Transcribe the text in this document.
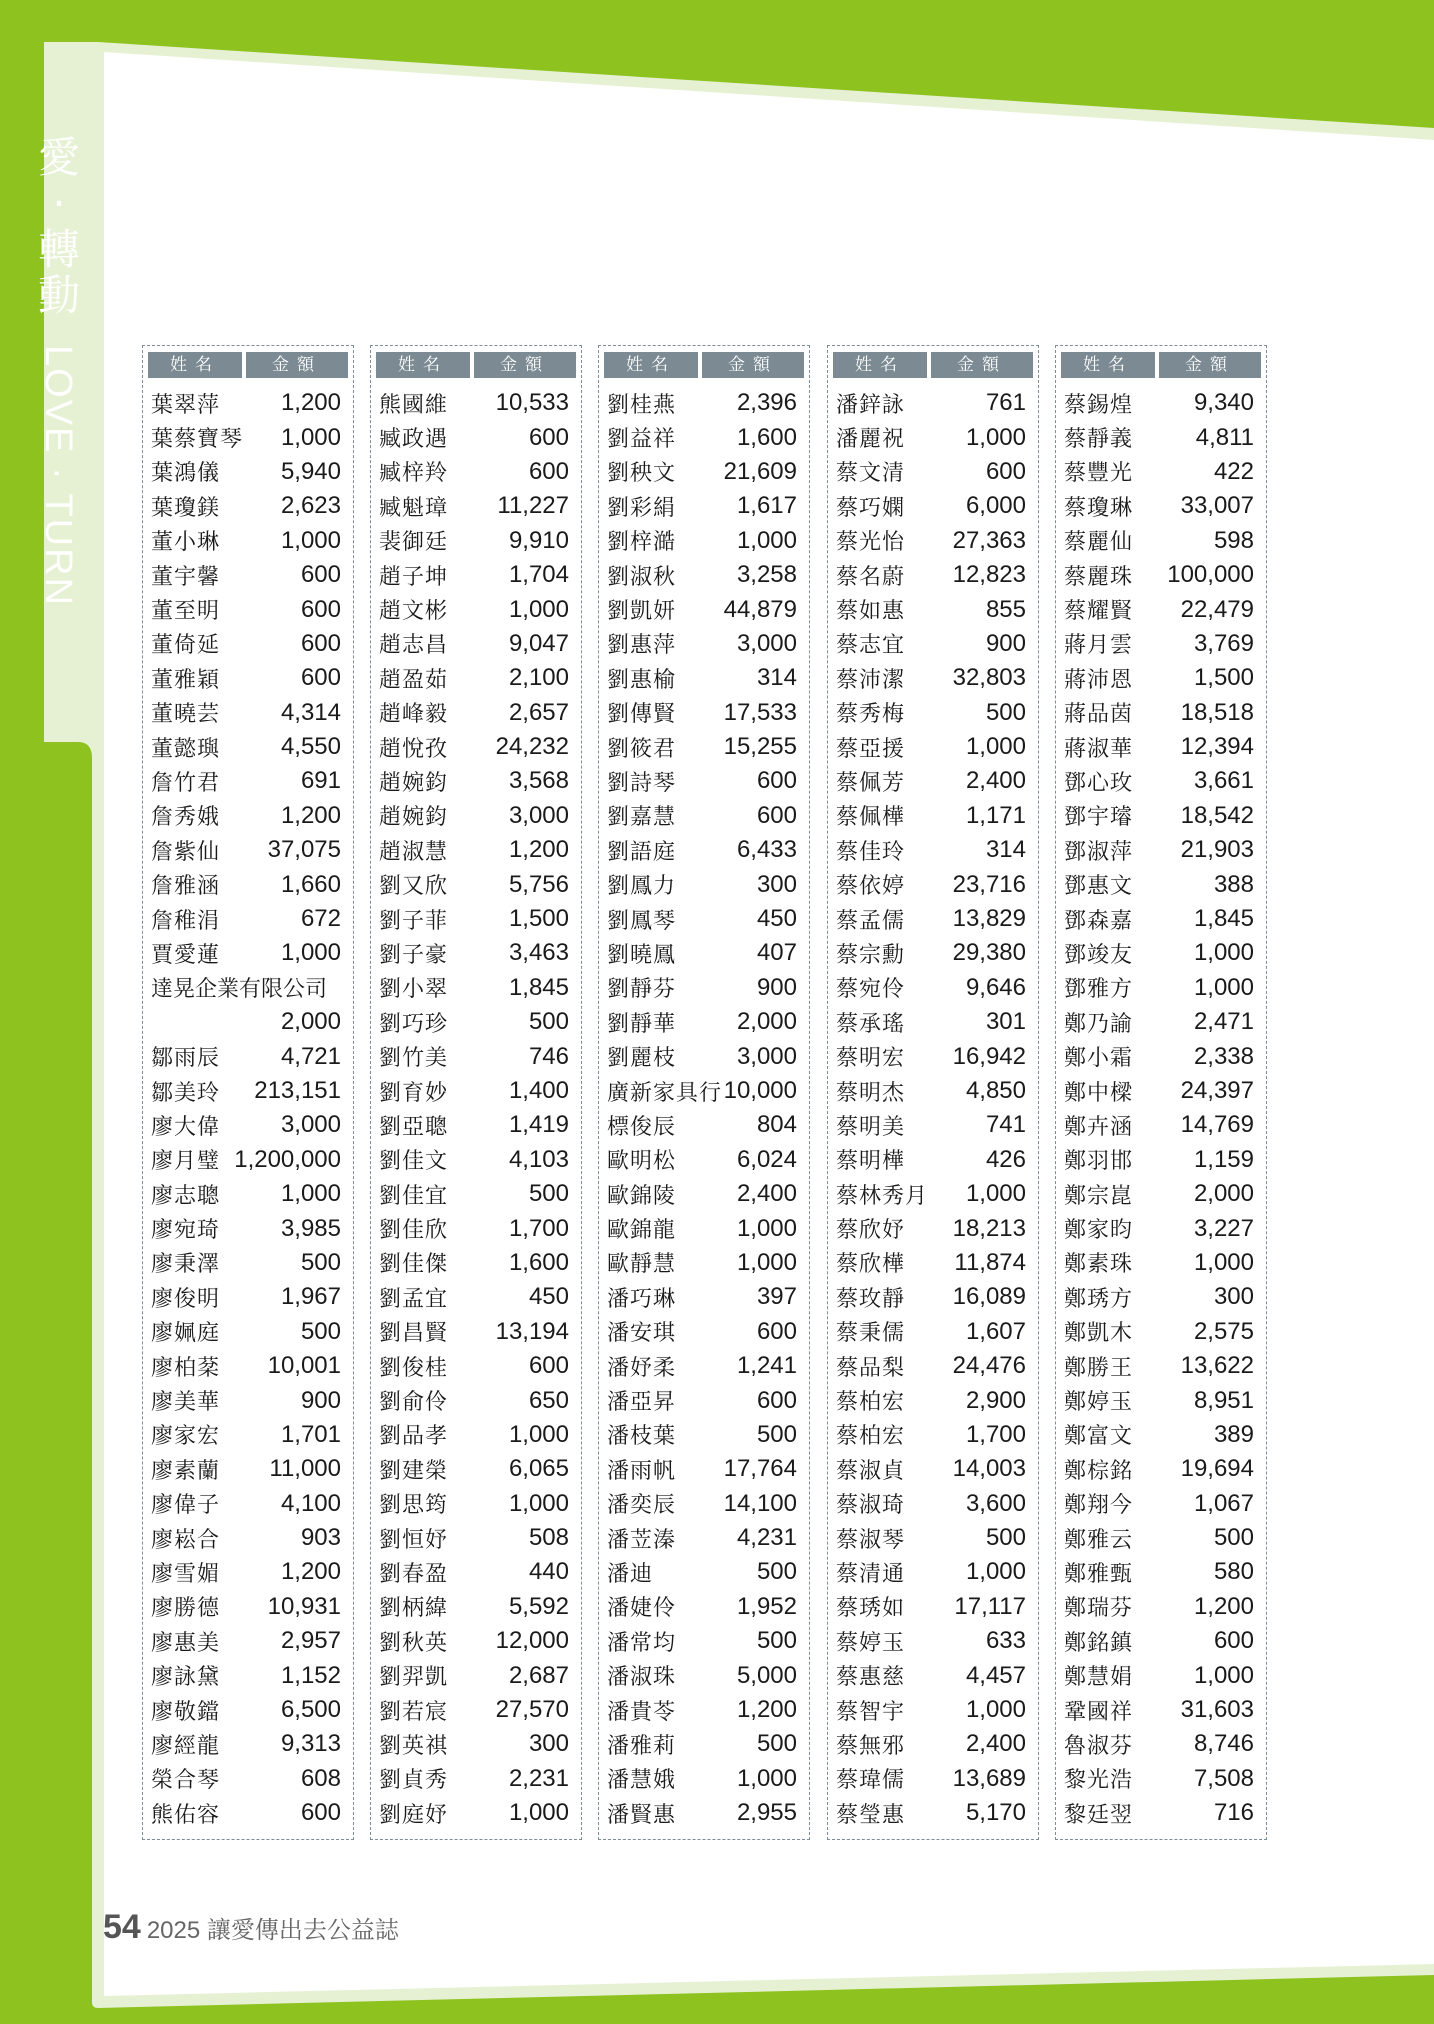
愛
·
轉
動
LOVE · TURN	姓名	金額
葉翠萍	1,200
葉蔡寶琴 1,000
葉鴻儀	5,940
葉瓊鎂	2,623
董小琳	1,000
董宇馨	600
董至明	600
董倚延	600
董雅穎	600
董曉芸	4,314
董懿璵	4,550
詹竹君	691
詹秀娥	1,200
詹紫仙 37,075
詹雅涵	1,660
詹稚涓	672
賈愛蓮	1,000
達晃企業有限公司
2,000
鄒雨辰	4,721
鄒美玲 213,151
廖大偉	3,000
廖月璧 1,200,000
廖志聰	1,000
廖宛琦	3,985
廖秉澤	500
廖俊明	1,967
廖姵庭	500
廖柏棻 10,001
廖美華	900
廖家宏	1,701
廖素蘭 11,000
廖偉子	4,100
廖崧合	903
廖雪媚	1,200
廖勝德 10,931
廖惠美	2,957
廖詠黛	1,152
廖敬鐺	6,500
廖經龍	9,313
榮合琴	608
熊佑容	600
姓名	金額
熊國維 10,533
臧政遇	600
臧梓羚	600
臧魁璋 11,227
裴御廷	9,910
趙子坤	1,704
趙文彬	1,000
趙志昌	9,047
趙盈茹	2,100
趙峰毅	2,657
趙悅孜 24,232
趙婉鈞	3,568
趙婉鈞	3,000
趙淑慧	1,200
劉又欣	5,756
劉子菲	1,500
劉子豪	3,463
劉小翠	1,845
劉巧珍	500
劉竹美	746
劉育妙	1,400
劉亞聰	1,419
劉佳文	4,103
劉佳宜	500
劉佳欣	1,700
劉佳傑	1,600
劉孟宜	450
劉昌賢 13,194
劉俊桂	600
劉俞伶	650
劉品孝	1,000
劉建榮	6,065
劉思筠	1,000
劉恒妤	508
劉春盈	440
劉柄緯	5,592
劉秋英 12,000
劉羿凱	2,687
劉若宸 27,570
劉英祺	300
劉貞秀	2,231
劉庭妤	1,000
姓名	金額
劉桂燕	2,396
劉益祥	1,600
劉秧文 21,609
劉彩絹	1,617
劉梓澔	1,000
劉淑秋	3,258
劉凱妍 44,879
劉惠萍	3,000
劉惠榆	314
劉傳賢 17,533
劉筱君 15,255
劉詩琴	600
劉嘉慧	600
劉語庭	6,433
劉鳳力	300
劉鳳琴	450
劉曉鳳	407
劉靜芬	900
劉靜華	2,000
劉麗枝	3,000
廣新家具行 10,000
標俊辰	804
歐明松	6,024
歐錦陵	2,400
歐錦龍	1,000
歐靜慧	1,000
潘巧琳	397
潘安琪	600
潘妤柔	1,241
潘亞昇	600
潘枝葉	500
潘雨帆 17,764
潘奕辰 14,100
潘苙溱	4,231
潘迪	500
潘婕伶	1,952
潘常均	500
潘淑珠	5,000
潘貴苓	1,200
潘雅莉	500
潘慧娥	1,000
潘賢惠	2,955
姓名	金額
潘鋅詠	761
潘麗祝	1,000
蔡文清	600
蔡巧嫻	6,000
蔡光怡 27,363
蔡名蔚 12,823
蔡如惠	855
蔡志宜	900
蔡沛潔 32,803
蔡秀梅	500
蔡亞援	1,000
蔡佩芳	2,400
蔡佩樺	1,171
蔡佳玲	314
蔡依婷 23,716
蔡孟儒 13,829
蔡宗勳 29,380
蔡宛伶	9,646
蔡承瑤	301
蔡明宏 16,942
蔡明杰	4,850
蔡明美	741
蔡明樺	426
蔡林秀月 1,000
蔡欣妤 18,213
蔡欣樺 11,874
蔡玫靜 16,089
蔡秉儒	1,607
蔡品梨 24,476
蔡柏宏	2,900
蔡柏宏	1,700
蔡淑貞 14,003
蔡淑琦	3,600
蔡淑琴	500
蔡清通	1,000
蔡琇如 17,117
蔡婷玉	633
蔡惠慈	4,457
蔡智宇	1,000
蔡無邪	2,400
蔡瑋儒 13,689
蔡瑩惠	5,170
姓名	金額
蔡錫煌	9,340
蔡靜義	4,811
蔡豐光	422
蔡瓊琳 33,007
蔡麗仙	598
蔡麗珠 100,000
蔡耀賢 22,479
蔣月雲	3,769
蔣沛恩	1,500
蔣品茵 18,518
蔣淑華 12,394
鄧心玫	3,661
鄧宇璿 18,542
鄧淑萍 21,903
鄧惠文	388
鄧森嘉	1,845
鄧竣友	1,000
鄧雅方	1,000
鄭乃諭	2,471
鄭小霜	2,338
鄭中樑 24,397
鄭卉涵 14,769
鄭羽邯	1,159
鄭宗崑	2,000
鄭家昀	3,227
鄭素珠	1,000
鄭琇方	300
鄭凱木	2,575
鄭勝王 13,622
鄭婷玉	8,951
鄭富文	389
鄭棕銘 19,694
鄭翔今	1,067
鄭雅云	500
鄭雅甄	580
鄭瑞芬	1,200
鄭銘鎮	600
鄭慧娟	1,000
鞏國祥 31,603
魯淑芬	8,746
黎光浩	7,508
黎廷翌	716
54 2025 讓愛傳出去公益誌
